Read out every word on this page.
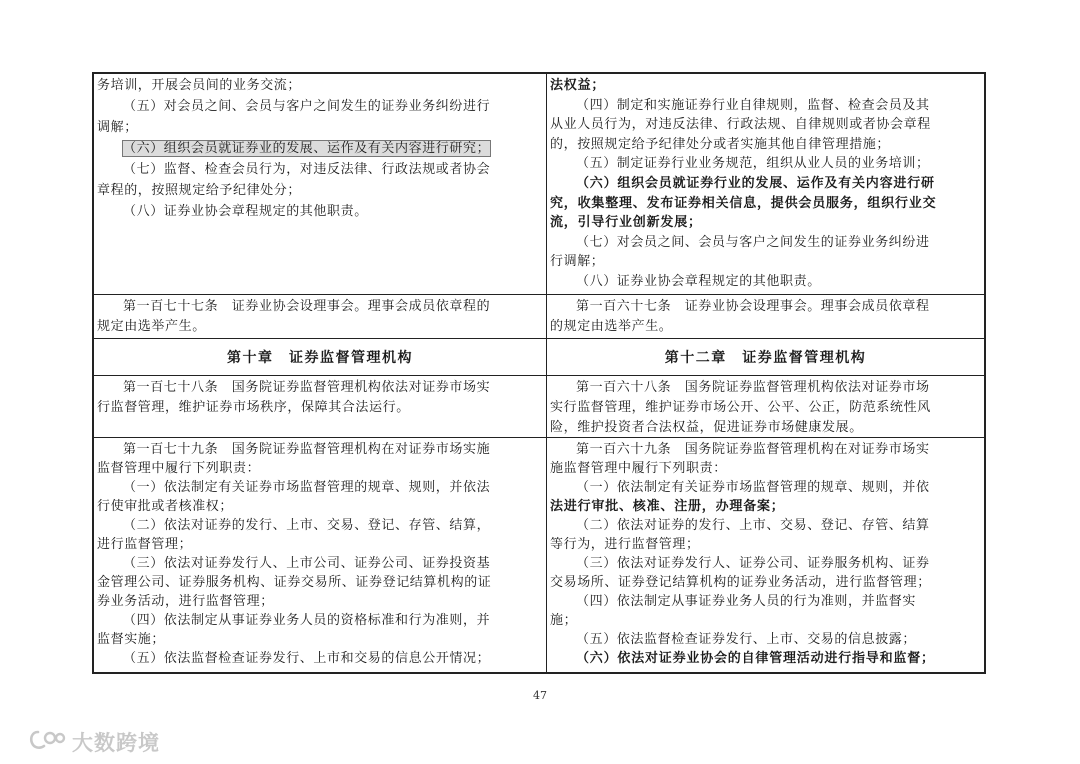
务培训，开展会员间的业务交流；
（五）对会员之间、会员与客户之间发生的证券业务纠纷进行
调解；
（六）组织会员就证券业的发展、运作及有关内容进行研究；
（七）监督、检查会员行为，对违反法律、行政法规或者协会
章程的，按照规定给予纪律处分；
（八）证券业协会章程规定的其他职责。
法权益；
（四）制定和实施证券行业自律规则，监督、检查会员及其
从业人员行为，对违反法律、行政法规、自律规则或者协会章程
的，按照规定给予纪律处分或者实施其他自律管理措施；
（五）制定证券行业业务规范，组织从业人员的业务培训；
（六）组织会员就证券行业的发展、运作及有关内容进行研
究，收集整理、发布证券相关信息，提供会员服务，组织行业交
流，引导行业创新发展；
（七）对会员之间、会员与客户之间发生的证券业务纠纷进
行调解；
（八）证券业协会章程规定的其他职责。
第一百七十七条　证券业协会设理事会。理事会成员依章程的
规定由选举产生。
第一百六十七条　证券业协会设理事会。理事会成员依章程
的规定由选举产生。
第十章　证券监督管理机构	第十二章　证券监督管理机构
第一百七十八条　国务院证券监督管理机构依法对证券市场实
行监督管理，维护证券市场秩序，保障其合法运行。
第一百六十八条　国务院证券监督管理机构依法对证券市场
实行监督管理，维护证券市场公开、公平、公正，防范系统性风
险，维护投资者合法权益，促进证券市场健康发展。
第一百七十九条　国务院证券监督管理机构在对证券市场实施
监督管理中履行下列职责：
（一）依法制定有关证券市场监督管理的规章、规则，并依法
行使审批或者核准权；
（二）依法对证券的发行、上市、交易、登记、存管、结算，
进行监督管理；
（三）依法对证券发行人、上市公司、证券公司、证券投资基
金管理公司、证券服务机构、证券交易所、证券登记结算机构的证
券业务活动，进行监督管理；
（四）依法制定从事证券业务人员的资格标准和行为准则，并
监督实施；
（五）依法监督检查证券发行、上市和交易的信息公开情况；
第一百六十九条　国务院证券监督管理机构在对证券市场实
施监督管理中履行下列职责：
（一）依法制定有关证券市场监督管理的规章、规则，并依
法进行审批、核准、注册，办理备案；
（二）依法对证券的发行、上市、交易、登记、存管、结算
等行为，进行监督管理；
（三）依法对证券发行人、证券公司、证券服务机构、证券
交易场所、证券登记结算机构的证券业务活动，进行监督管理；
（四）依法制定从事证券业务人员的行为准则，并监督实
施；
（五）依法监督检查证券发行、上市、交易的信息披露；
（六）依法对证券业协会的自律管理活动进行指导和监督；
47
大数跨境
